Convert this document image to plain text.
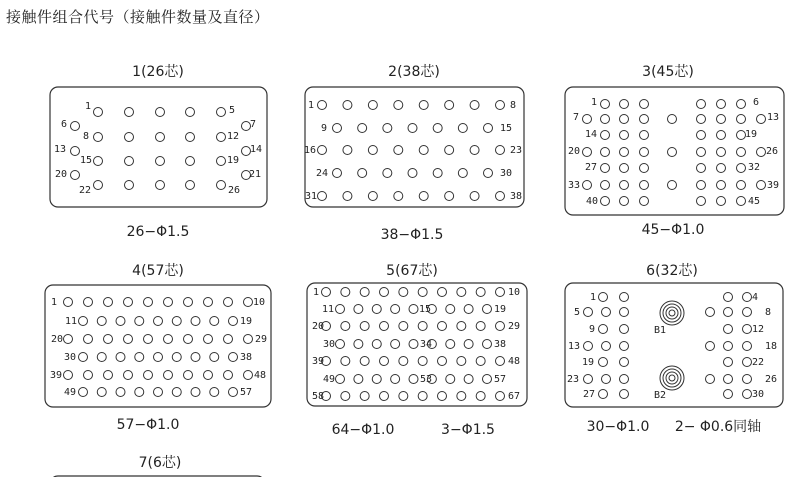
接触件组合代号（接触件数量及直径）
1(26芯)
1	5
6	7
8	12
13	14
15	19
20	21
22	26
26−Φ1.5
2(38芯)
1	8
9	15
16	23
24	30
31	38
38−Φ1.5
3(45芯)
1	6
7	13
14	19
20	26
27	32
33	39
40	45
45−Φ1.0
4(57芯)
1	10
11	19
20	29
30	38
39	48
49	57
57−Φ1.0
5(67芯)
1	10
11	15	19
20	29
30	34	38
39	48
49	53	57
58	67
64−Φ1.0	3−Φ1.5
6(32芯)
1	4
5	8
9	12
13	18
19	22
23	26
27	30
B1
B2
30−Φ1.0 2− Φ0.6同轴
7(6芯)
